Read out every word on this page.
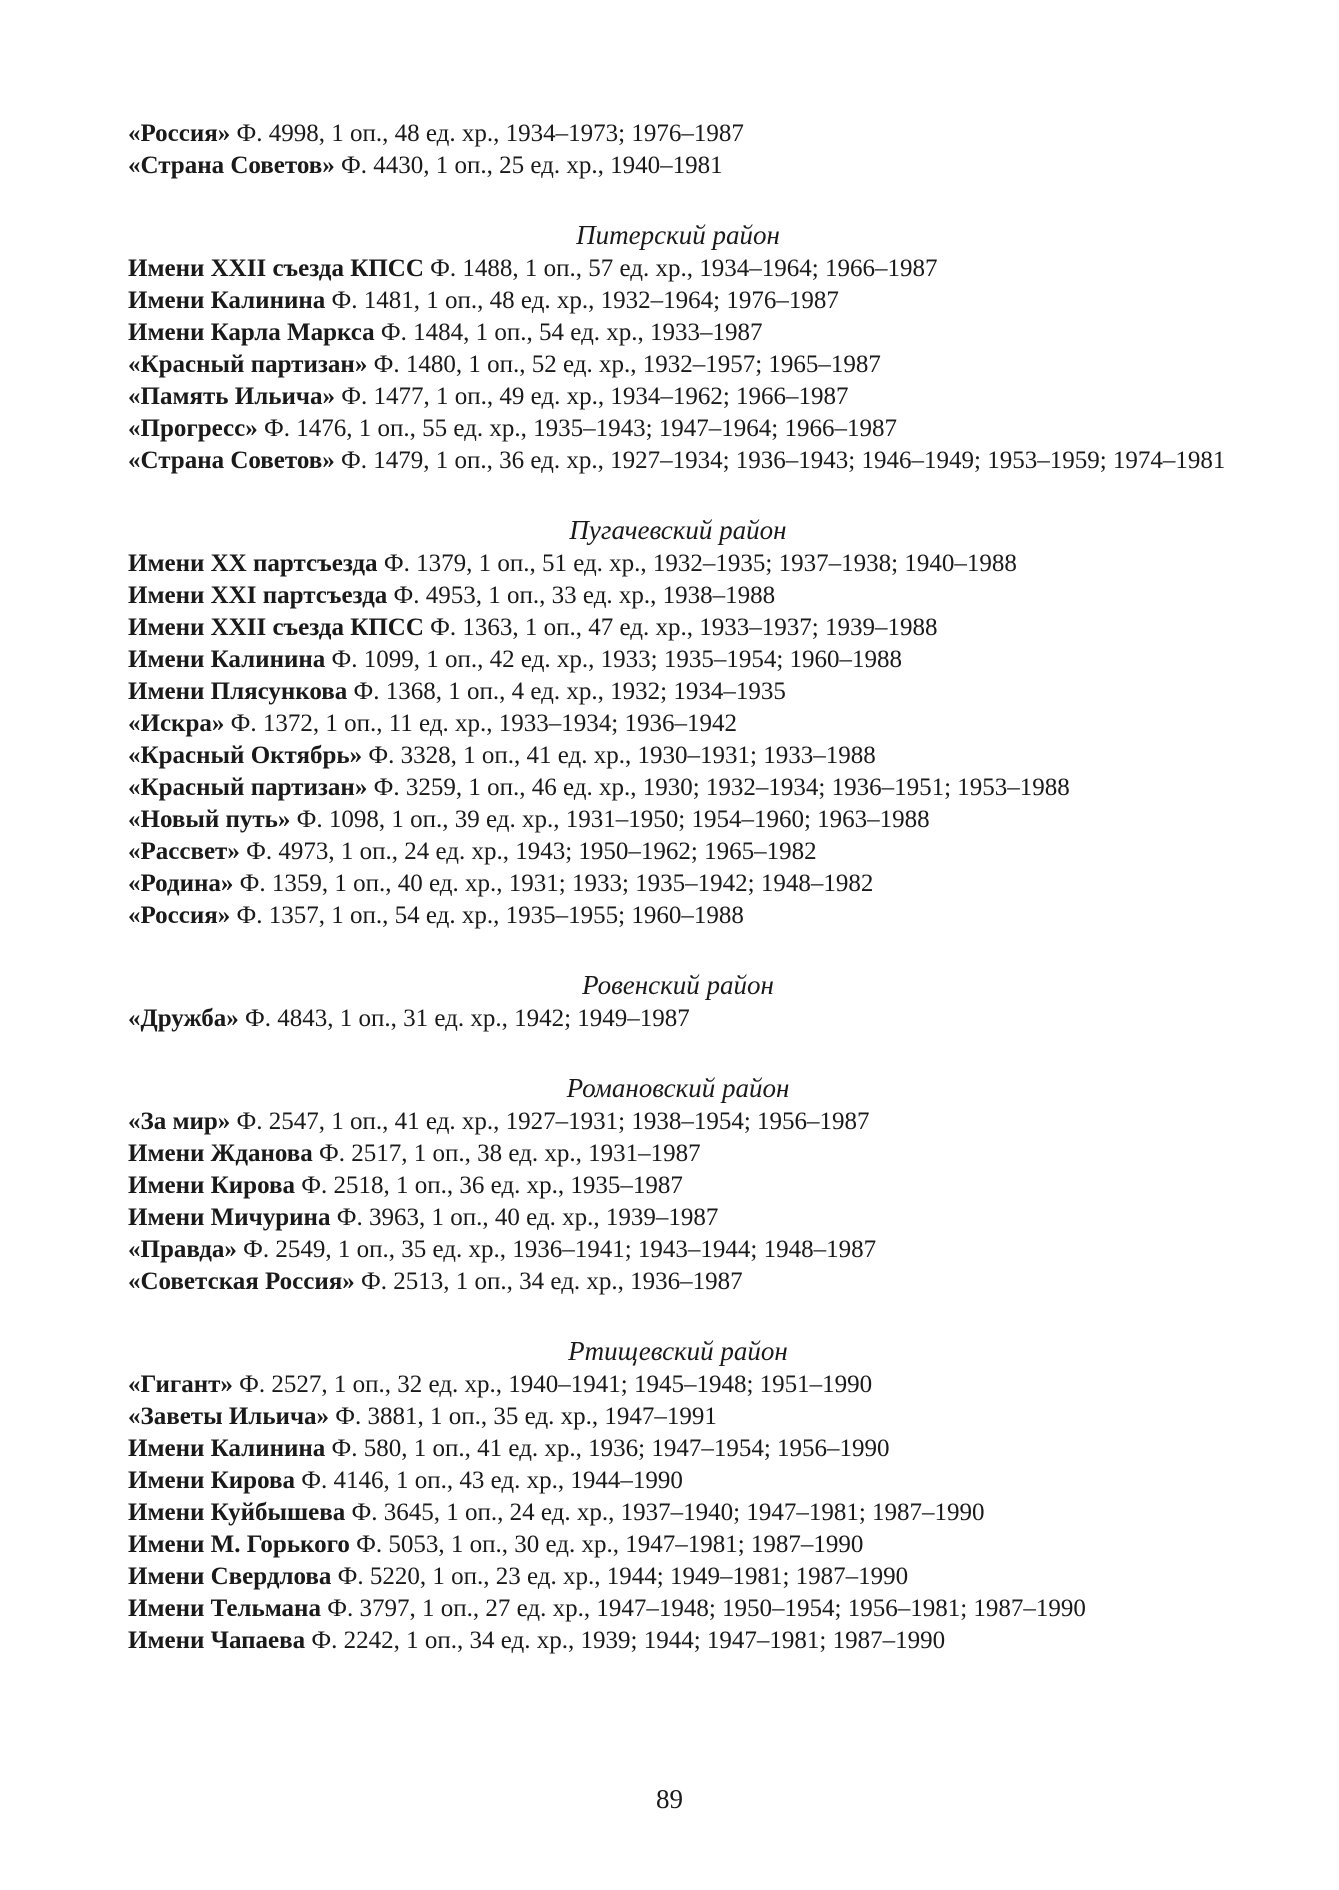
«Россия» Ф. 4998, 1 оп., 48 ед. хр., 1934–1973; 1976–1987

«Страна Советов» Ф. 4430, 1 оп., 25 ед. хр., 1940–1981

Питерский район

Имени XXII съезда КПСС Ф. 1488, 1 оп., 57 ед. хр., 1934–1964; 1966–1987

Имени Калинина Ф. 1481, 1 оп., 48 ед. хр., 1932–1964; 1976–1987

Имени Карла Маркса Ф. 1484, 1 оп., 54 ед. хр., 1933–1987

«Красный партизан» Ф. 1480, 1 оп., 52 ед. хр., 1932–1957; 1965–1987

«Память Ильича» Ф. 1477, 1 оп., 49 ед. хр., 1934–1962; 1966–1987

«Прогресс» Ф. 1476, 1 оп., 55 ед. хр., 1935–1943; 1947–1964; 1966–1987

«Страна Советов» Ф. 1479, 1 оп., 36 ед. хр., 1927–1934; 1936–1943; 1946–1949; 1953–1959; 1974–1981

Пугачевский район

Имени XX партсъезда Ф. 1379, 1 оп., 51 ед. хр., 1932–1935; 1937–1938; 1940–1988

Имени XXI партсъезда Ф. 4953, 1 оп., 33 ед. хр., 1938–1988

Имени XXII съезда КПСС Ф. 1363, 1 оп., 47 ед. хр., 1933–1937; 1939–1988

Имени Калинина Ф. 1099, 1 оп., 42 ед. хр., 1933; 1935–1954; 1960–1988

Имени Плясункова Ф. 1368, 1 оп., 4 ед. хр., 1932; 1934–1935

«Искра» Ф. 1372, 1 оп., 11 ед. хр., 1933–1934; 1936–1942

«Красный Октябрь» Ф. 3328, 1 оп., 41 ед. хр., 1930–1931; 1933–1988

«Красный партизан» Ф. 3259, 1 оп., 46 ед. хр., 1930; 1932–1934; 1936–1951; 1953–1988

«Новый путь» Ф. 1098, 1 оп., 39 ед. хр., 1931–1950; 1954–1960; 1963–1988

«Рассвет» Ф. 4973, 1 оп., 24 ед. хр., 1943; 1950–1962; 1965–1982

«Родина» Ф. 1359, 1 оп., 40 ед. хр., 1931; 1933; 1935–1942; 1948–1982

«Россия» Ф. 1357, 1 оп., 54 ед. хр., 1935–1955; 1960–1988

Ровенский район

«Дружба» Ф. 4843, 1 оп., 31 ед. хр., 1942; 1949–1987

Романовский район

«За мир» Ф. 2547, 1 оп., 41 ед. хр., 1927–1931; 1938–1954; 1956–1987

Имени Жданова Ф. 2517, 1 оп., 38 ед. хр., 1931–1987

Имени Кирова Ф. 2518, 1 оп., 36 ед. хр., 1935–1987

Имени Мичурина Ф. 3963, 1 оп., 40 ед. хр., 1939–1987

«Правда» Ф. 2549, 1 оп., 35 ед. хр., 1936–1941; 1943–1944; 1948–1987

«Советская Россия» Ф. 2513, 1 оп., 34 ед. хр., 1936–1987

Ртищевский район

«Гигант» Ф. 2527, 1 оп., 32 ед. хр., 1940–1941; 1945–1948; 1951–1990

«Заветы Ильича» Ф. 3881, 1 оп., 35 ед. хр., 1947–1991

Имени Калинина Ф. 580, 1 оп., 41 ед. хр., 1936; 1947–1954; 1956–1990

Имени Кирова Ф. 4146, 1 оп., 43 ед. хр., 1944–1990

Имени Куйбышева Ф. 3645, 1 оп., 24 ед. хр., 1937–1940; 1947–1981; 1987–1990

Имени М. Горького Ф. 5053, 1 оп., 30 ед. хр., 1947–1981; 1987–1990

Имени Свердлова Ф. 5220, 1 оп., 23 ед. хр., 1944; 1949–1981; 1987–1990

Имени Тельмана Ф. 3797, 1 оп., 27 ед. хр., 1947–1948; 1950–1954; 1956–1981; 1987–1990

Имени Чапаева Ф. 2242, 1 оп., 34 ед. хр., 1939; 1944; 1947–1981; 1987–1990

89
